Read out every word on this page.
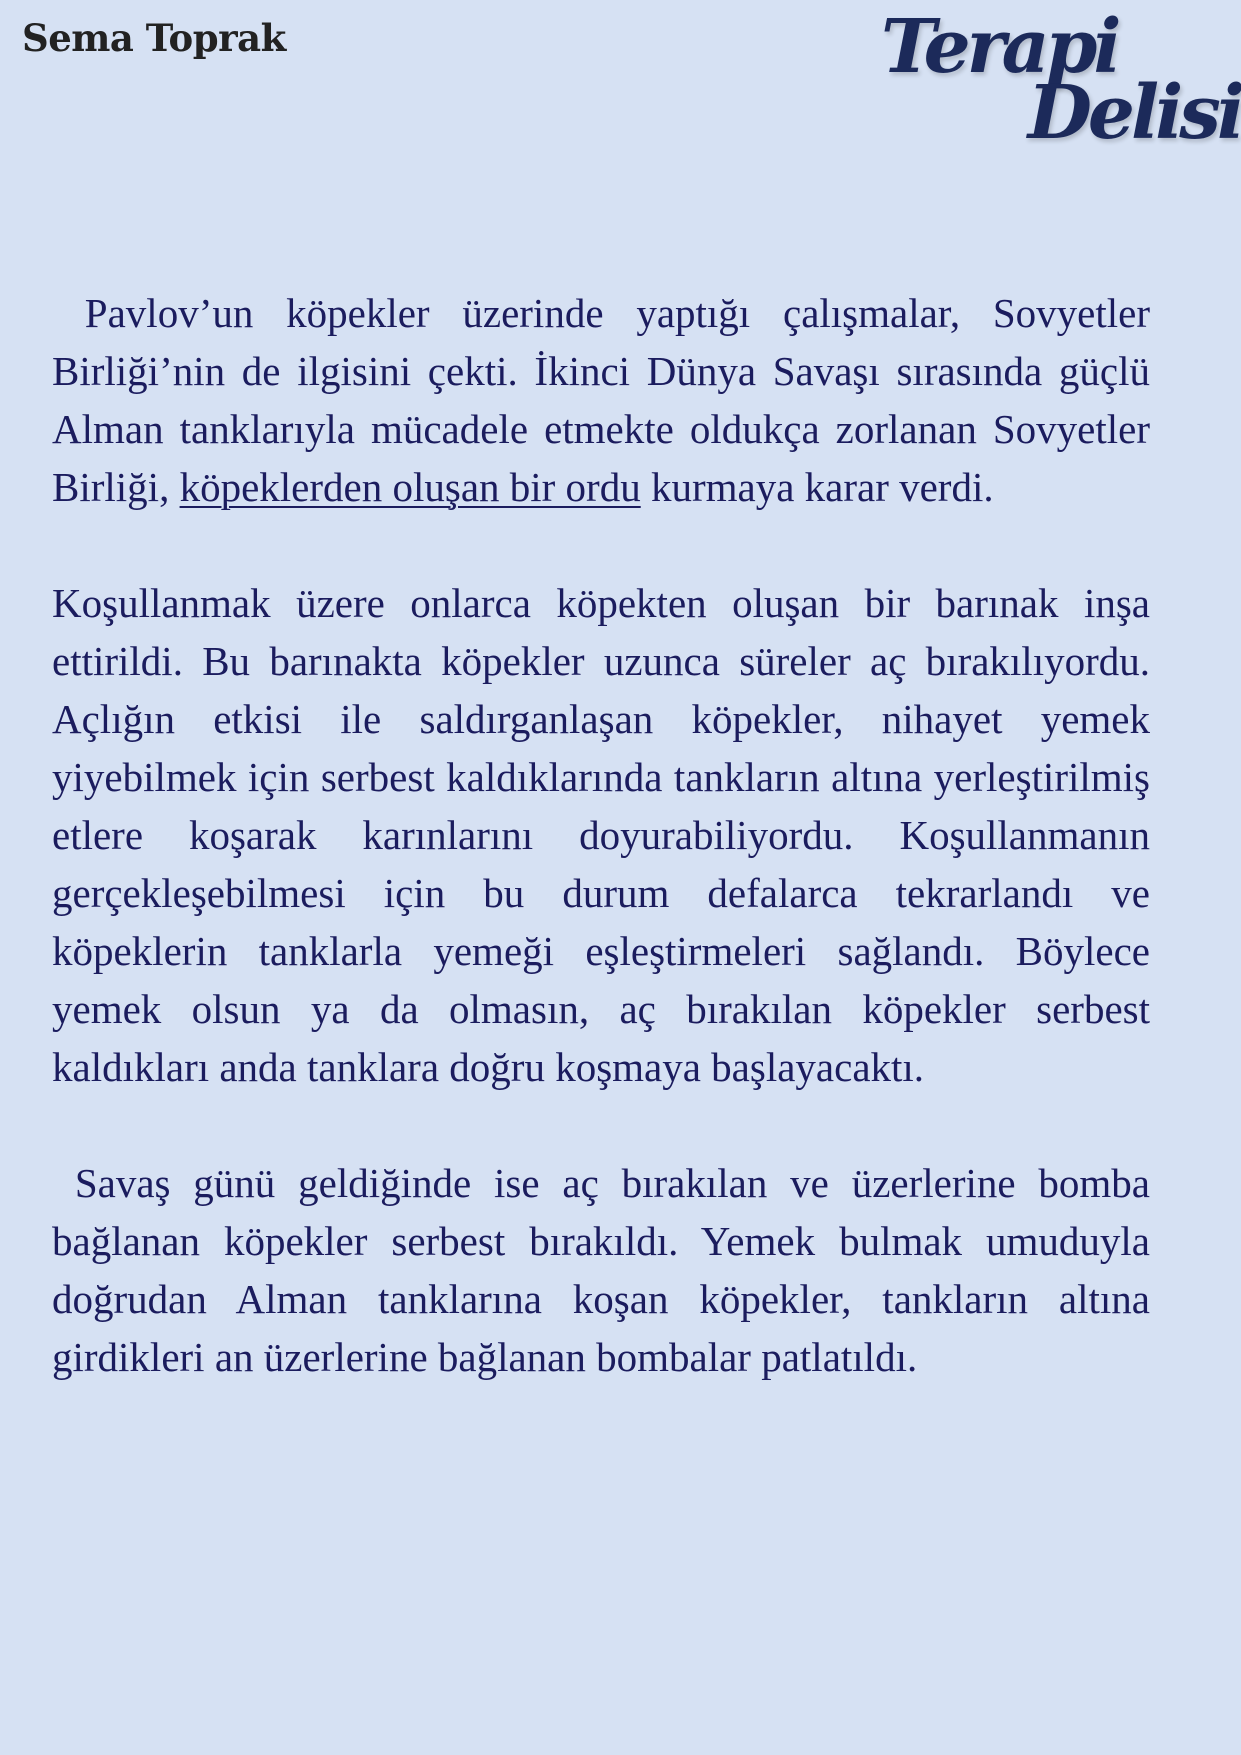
Sema Toprak	Terapi
Delisi

Pavlov’un köpekler üzerinde yaptığı çalışmalar, Sovyetler Birliği’nin de ilgisini çekti. İkinci Dünya Savaşı sırasında güçlü Alman tanklarıyla mücadele etmekte oldukça zorlanan Sovyetler Birliği, köpeklerden oluşan bir ordu kurmaya karar verdi.

Koşullanmak üzere onlarca köpekten oluşan bir barınak inşa ettirildi. Bu barınakta köpekler uzunca süreler aç bırakılıyordu. Açlığın etkisi ile saldırganlaşan köpekler, nihayet yemek yiyebilmek için serbest kaldıklarında tankların altına yerleştirilmiş etlere koşarak karınlarını doyurabiliyordu. Koşullanmanın gerçekleşebilmesi için bu durum defalarca tekrarlandı ve köpeklerin tanklarla yemeği eşleştirmeleri sağlandı. Böylece yemek olsun ya da olmasın, aç bırakılan köpekler serbest kaldıkları anda tanklara doğru koşmaya başlayacaktı.

Savaş günü geldiğinde ise aç bırakılan ve üzerlerine bomba bağlanan köpekler serbest bırakıldı. Yemek bulmak umuduyla doğrudan Alman tanklarına koşan köpekler, tankların altına girdikleri an üzerlerine bağlanan bombalar patlatıldı.
